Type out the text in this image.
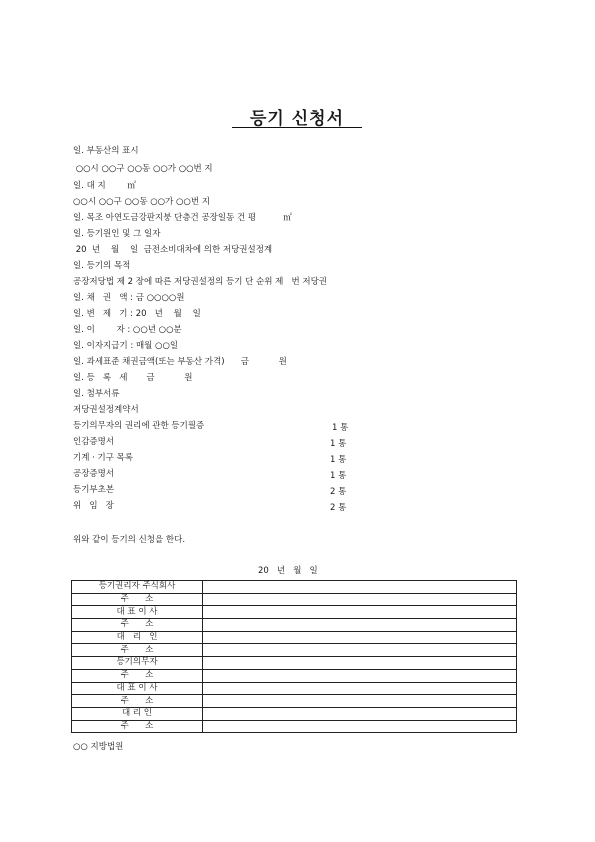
등기 신청서
일. 부동산의 표시
○○시 ○○구 ○○동 ○○가 ○○번 지
일. 대 지        ㎡
○○시 ○○구 ○○동 ○○가 ○○번 지
일. 목조 아연도금강판지붕 단층건 공장일동 건 평          ㎡
일. 등기원인 및 그 일자
20  년    월    일  금전소비대차에 의한 저당권설정계
일. 등기의 목적
공장저당법 제 2 장에 따른 저당권설정의 등기 단 순위 제   번 저당권
일. 채   권   액 : 금 ○○○○원
일. 변   제   기 : 20   년    월    일
일. 이        자 : ○○년 ○○분
일. 이자지급기 : 매월 ○○일
일. 과세표준 채권금액(또는 부동산 가격)      금           원
일. 등   록   세       금           원
일. 첨부서류
저당권설정계약서
등기의무자의 권리에 관한 등기필증	1 통
인감증명서	1 통
기계 · 기구 목록	1 통
공장증명서	1 통
등기부초본	2 통
위   임   장	2 통
위와 같이 등기의 신청을 한다.
20   년   월   일
등기권리자 주식회사	
주      소	
대 표 이 사	
주      소	
대   리   인	
주      소	
등기의무자	
주      소	
대 표 이 사	
주      소	
대 리 인	
주      소	
○○ 지방법원
